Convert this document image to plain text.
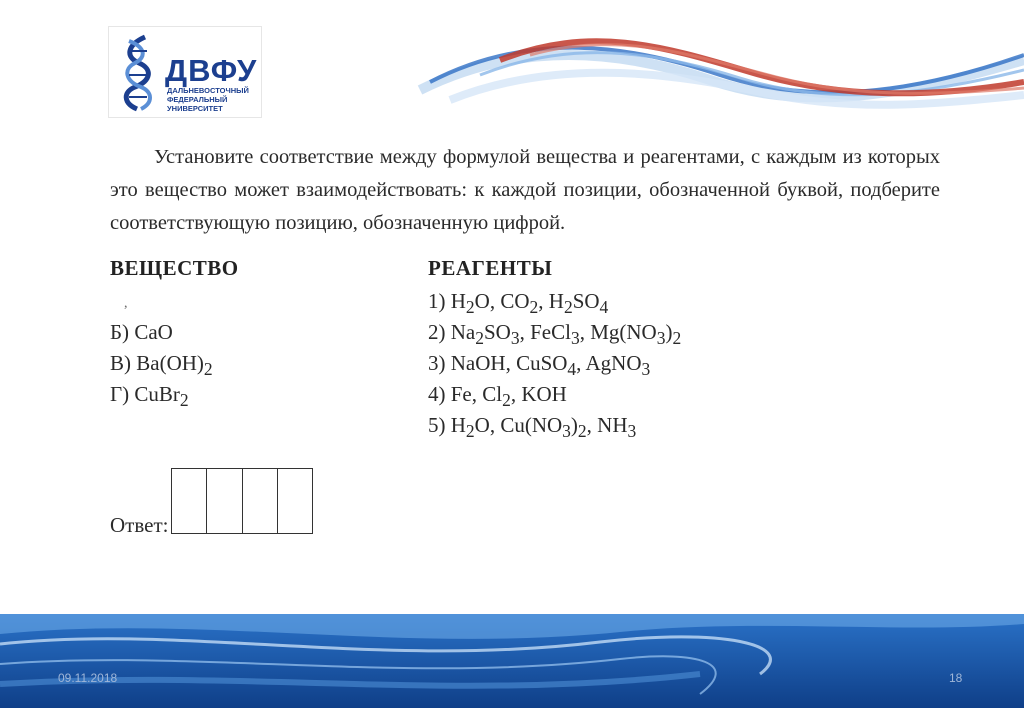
ДВФУ
ДАЛЬНЕВОСТОЧНЫЙ ФЕДЕРАЛЬНЫЙ УНИВЕРСИТЕТ

Установите соответствие между формулой вещества и реагентами, с каждым из которых это вещество может взаимодействовать: к каждой позиции, обозначенной буквой, подберите соответствующую позицию, обозначенную цифрой.

ВЕЩЕСТВО
,
Б) CaO
В) $Ba(OH)_2$
Г) CuBr$_2$
РЕАГЕНТЫ
1) $H_2O$, $CO_2$, $H_2SO_4$
2) $Na_2SO_3$, FeCl$_3$, $Mg(NO_3)_2$
3) NaOH, CuSO$_4$, AgNO$_3$
4) Fe, $Cl_2$, KOH
5) $H_2O$, $Cu(NO_3)_2$, $NH_3$
Ответ:
09.11.2018	18
